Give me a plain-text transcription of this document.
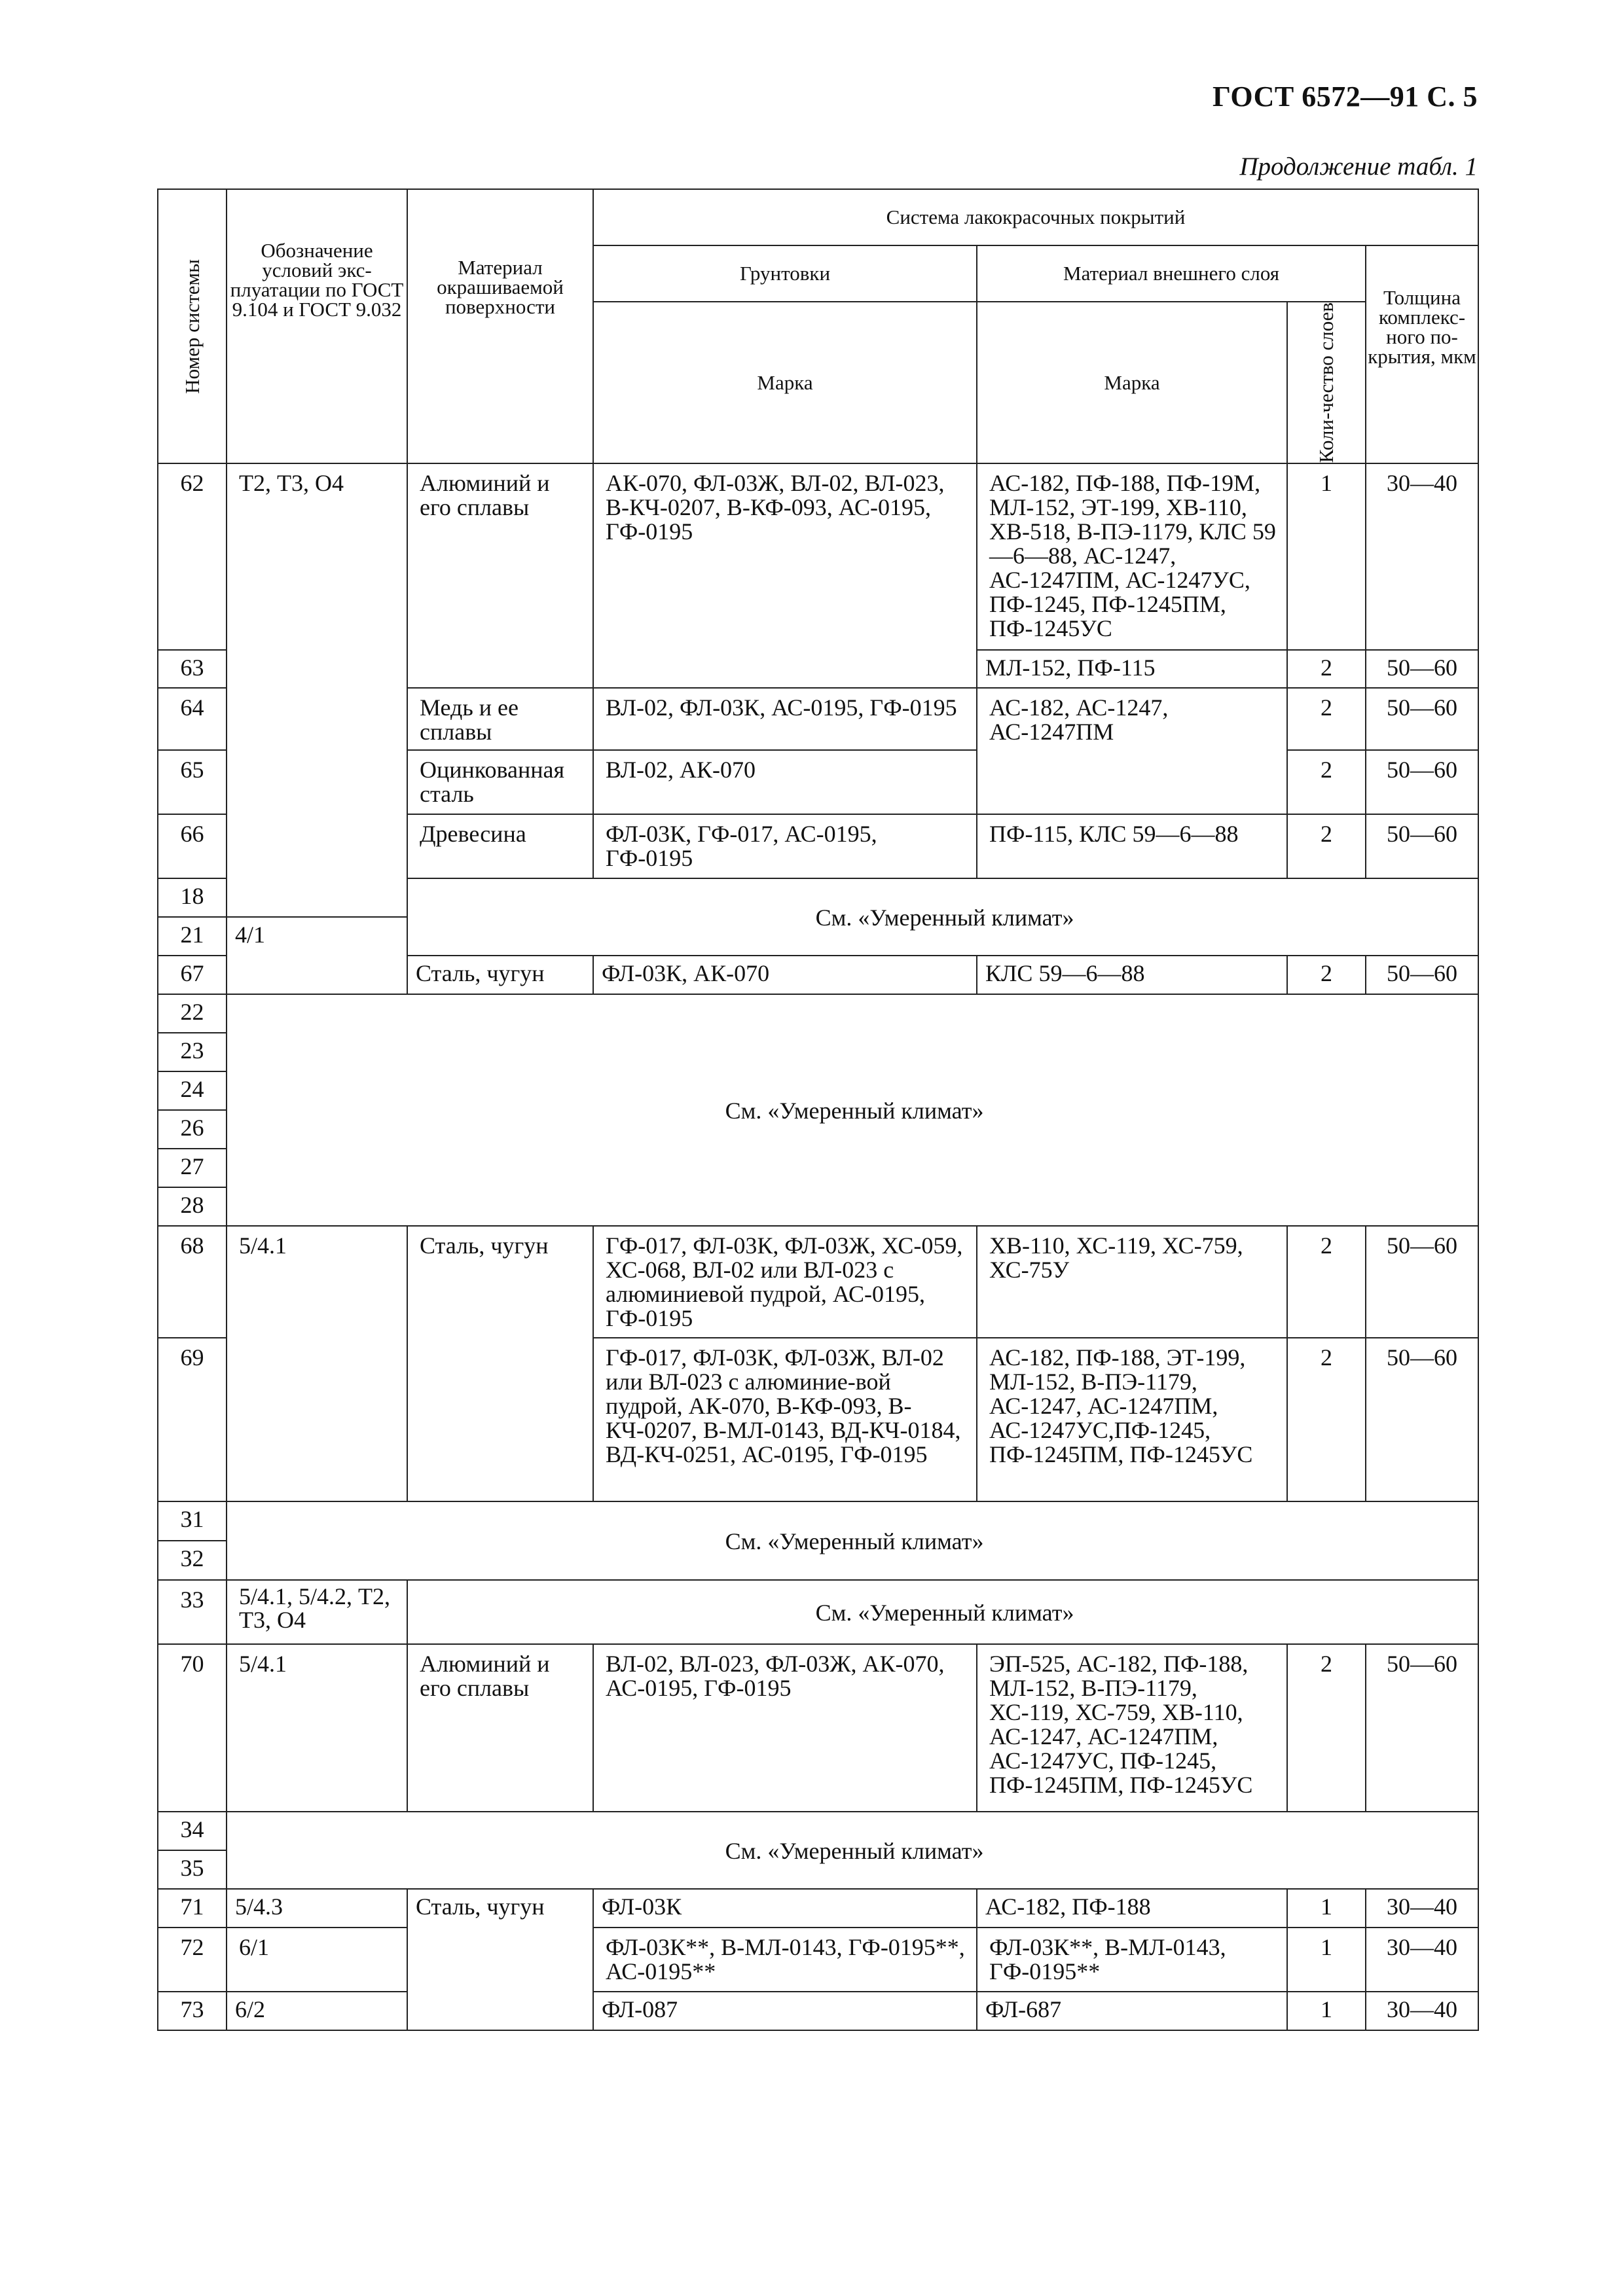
ГОСТ 6572—91 С. 5
Продолжение табл. 1
Номер системы	Обозначение условий экс-плуатации по ГОСТ 9.104 и ГОСТ 9.032	Материал окрашиваемой поверхности	Система лакокрасочных покрытий			
			Грунтовки	Материал внешнего слоя		Толщина комплекс-ного по-крытия, мкм
			Марка	Марка	Коли-чество слоев	

62	Т2, Т3, О4	Алюминий и его сплавы	АК-070, ФЛ-03Ж, ВЛ-02, ВЛ-023, В-КЧ-0207, В-КФ-093, АС-0195, ГФ-0195	АС-182, ПФ-188, ПФ-19М, МЛ-152, ЭТ-199, ХВ-110, ХВ-518, В-ПЭ-1179, КЛС 59—6—88, АС-1247, АС-1247ПМ, АС-1247УС, ПФ-1245, ПФ-1245ПМ, ПФ-1245УС	1	30—40
63				МЛ-152, ПФ-115	2	50—60
64		Медь и ее сплавы	ВЛ-02, ФЛ-03К, АС-0195, ГФ-0195	АС-182, АС-1247, АС-1247ПМ	2	50—60
65		Оцинкованная сталь	ВЛ-02, АК-070		2	50—60
66		Древесина	ФЛ-03К, ГФ-017, АС-0195, ГФ-0195	ПФ-115, КЛС 59—6—88	2	50—60
18		См. «Умеренный климат»				
21	4/1					
67		Сталь, чугун	ФЛ-03К, АК-070	КЛС 59—6—88	2	50—60
22	См. «Умеренный климат»					
23						
24						
26						
27						
28						
68	5/4.1	Сталь, чугун	ГФ-017, ФЛ-03К, ФЛ-03Ж, ХС-059, ХС-068, ВЛ-02 или ВЛ-023 с алюминиевой пудрой, АС-0195, ГФ-0195	ХВ-110, ХС-119, ХС-759, ХС-75У	2	50—60
69			ГФ-017, ФЛ-03К, ФЛ-03Ж, ВЛ-02 или ВЛ-023 с алюминие-вой пудрой, АК-070, В-КФ-093, В-КЧ-0207, В-МЛ-0143, ВД-КЧ-0184, ВД-КЧ-0251, АС-0195, ГФ-0195	АС-182, ПФ-188, ЭТ-199, МЛ-152, В-ПЭ-1179, АС-1247, АС-1247ПМ, АС-1247УС,ПФ-1245, ПФ-1245ПМ, ПФ-1245УС	2	50—60
31	См. «Умеренный климат»					
32						
33	5/4.1, 5/4.2, Т2, Т3, О4	См. «Умеренный климат»				
70	5/4.1	Алюминий и его сплавы	ВЛ-02, ВЛ-023, ФЛ-03Ж, АК-070, АС-0195, ГФ-0195	ЭП-525, АС-182, ПФ-188, МЛ-152, В-ПЭ-1179, ХС-119, ХС-759, ХВ-110, АС-1247, АС-1247ПМ, АС-1247УС, ПФ-1245, ПФ-1245ПМ, ПФ-1245УС	2	50—60
34	См. «Умеренный климат»					
35						
71	5/4.3	Сталь, чугун	ФЛ-03К	АС-182, ПФ-188	1	30—40
72	6/1		ФЛ-03К**, В-МЛ-0143, ГФ-0195**, АС-0195**	ФЛ-03К**, В-МЛ-0143, ГФ-0195**	1	30—40
73	6/2		ФЛ-087	ФЛ-687	1	30—40
